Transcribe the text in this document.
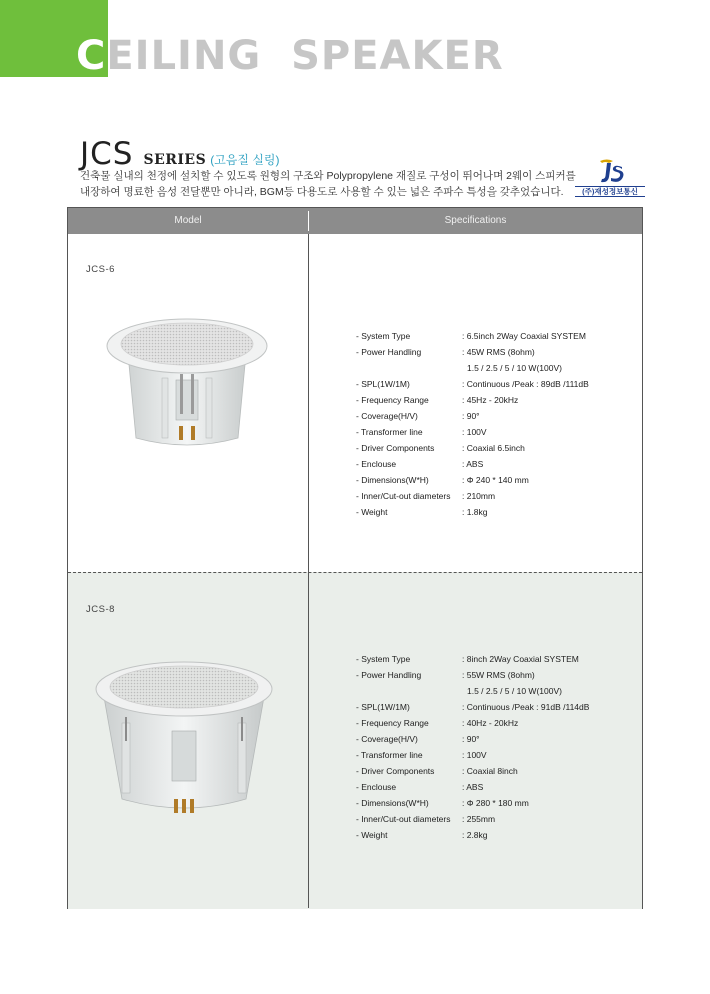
CEILING  SPEAKER
JCS SERIES (고음질 실링)

건축물 실내의 천정에 설치할 수 있도록 원형의 구조와 Polypropylene 재질로 구성이 뛰어나며 2웨이 스피커를

내장하여 명료한 음성 전달뿐만 아니라, BGM등 다용도로 사용할 수 있는 넓은 주파수 특성을 갖추었습니다.	(주)재성정보통신
Model	Specifications
JCS-6
- System Type	: 6.5inch 2Way Coaxial SYSTEM
- Power Handling	: 45W RMS (8ohm)
1.5 / 2.5 / 5 / 10 W(100V)
- SPL(1W/1M)	: Continuous /Peak : 89dB /111dB
- Frequency Range	: 45Hz - 20kHz
- Coverage(H/V)	: 90°
- Transformer line	: 100V
- Driver Components	: Coaxial 6.5inch
- Enclouse	: ABS
- Dimensions(W*H)	: Φ 240 * 140 mm
- Inner/Cut-out diameters	: 210mm
- Weight	: 1.8kg
JCS-8
- System Type	: 8inch 2Way Coaxial SYSTEM
- Power Handling	: 55W RMS (8ohm)
1.5 / 2.5 / 5 / 10 W(100V)
- SPL(1W/1M)	: Continuous /Peak : 91dB /114dB
- Frequency Range	: 40Hz - 20kHz
- Coverage(H/V)	: 90°
- Transformer line	: 100V
- Driver Components	: Coaxial 8inch
- Enclouse	: ABS
- Dimensions(W*H)	: Φ 280 * 180 mm
- Inner/Cut-out diameters	: 255mm
- Weight	: 2.8kg
